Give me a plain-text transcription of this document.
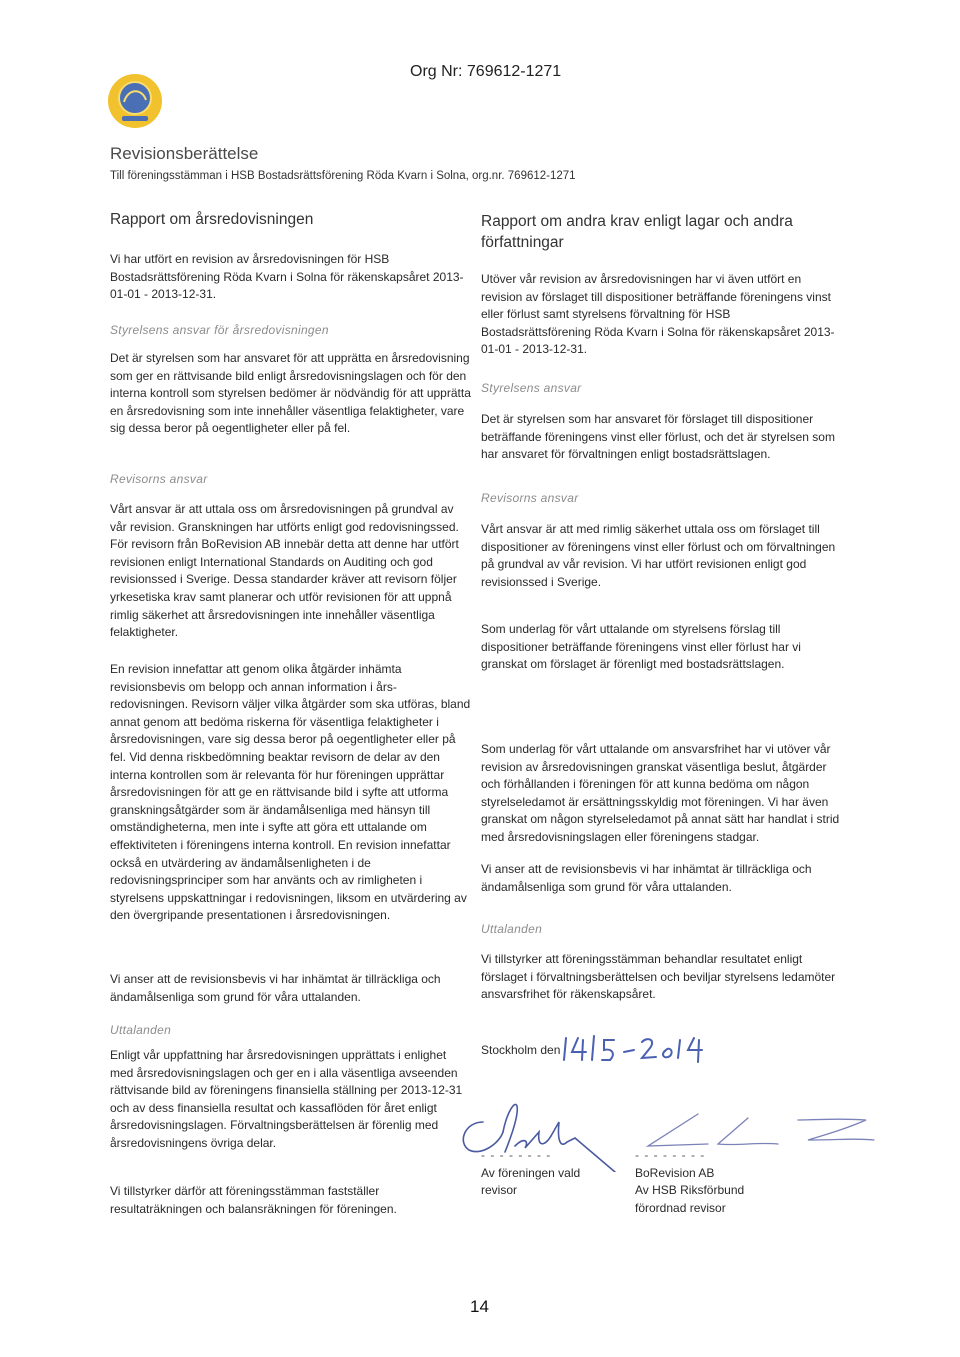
Org Nr: 769612-1271
Revisionsberättelse
Till föreningsstämman i HSB Bostadsrättsförening Röda Kvarn i Solna, org.nr. 769612-1271

Rapport om årsredovisningen

Vi har utfört en revision av årsredovisningen för HSB

Bostadsrättsförening Röda Kvarn i Solna för räkenskapsåret 2013-

01-01 - 2013-12-31.

Styrelsens ansvar för årsredovisningen

Det är styrelsen som har ansvaret för att upprätta en årsredovisning

som ger en rättvisande bild enligt årsredovisningslagen och för den

interna kontroll som styrelsen bedömer är nödvändig för att upprätta

en årsredovisning som inte innehåller väsentliga felaktigheter, vare

sig dessa beror på oegentligheter eller på fel.

Revisorns ansvar

Vårt ansvar är att uttala oss om årsredovisningen på grundval av

vår revision. Granskningen har utförts enligt god redovisningssed.

För revisorn från BoRevision AB innebär detta att denne har utfört

revisionen enligt International Standards on Auditing och god

revisionssed i Sverige. Dessa standarder kräver att revisorn följer

yrkesetiska krav samt planerar och utför revisionen för att uppnå

rimlig säkerhet att årsredovisningen inte innehåller väsentliga

felaktigheter.

En revision innefattar att genom olika åtgärder inhämta

revisionsbevis om belopp och annan information i års-

redovisningen. Revisorn väljer vilka åtgärder som ska utföras, bland

annat genom att bedöma riskerna för väsentliga felaktigheter i

årsredovisningen, vare sig dessa beror på oegentligheter eller på

fel. Vid denna riskbedömning beaktar revisorn de delar av den

interna kontrollen som är relevanta för hur föreningen upprättar

årsredovisningen för att ge en rättvisande bild i syfte att utforma

granskningsåtgärder som är ändamålsenliga med hänsyn till

omständigheterna, men inte i syfte att göra ett uttalande om

effektiviteten i föreningens interna kontroll. En revision innefattar

också en utvärdering av ändamålsenligheten i de

redovisningsprinciper som har använts och av rimligheten i

styrelsens uppskattningar i redovisningen, liksom en utvärdering av

den övergripande presentationen i årsredovisningen.

Vi anser att de revisionsbevis vi har inhämtat är tillräckliga och

ändamålsenliga som grund för våra uttalanden.

Uttalanden

Enligt vår uppfattning har årsredovisningen upprättats i enlighet

med årsredovisningslagen och ger en i alla väsentliga avseenden

rättvisande bild av föreningens finansiella ställning per 2013-12-31

och av dess finansiella resultat och kassaflöden för året enligt

årsredovisningslagen. Förvaltningsberättelsen är förenlig med

årsredovisningens övriga delar.

Vi tillstyrker därför att föreningsstämman fastställer

resultaträkningen och balansräkningen för föreningen.

Rapport om andra krav enligt lagar och andra

författningar

Utöver vår revision av årsredovisningen har vi även utfört en

revision av förslaget till dispositioner beträffande föreningens vinst

eller förlust samt styrelsens förvaltning för HSB

Bostadsrättsförening Röda Kvarn i Solna för räkenskapsåret 2013-

01-01 - 2013-12-31.

Styrelsens ansvar

Det är styrelsen som har ansvaret för förslaget till dispositioner

beträffande föreningens vinst eller förlust, och det är styrelsen som

har ansvaret för förvaltningen enligt bostadsrättslagen.

Revisorns ansvar

Vårt ansvar är att med rimlig säkerhet uttala oss om förslaget till

dispositioner av föreningens vinst eller förlust och om förvaltningen

på grundval av vår revision. Vi har utfört revisionen enligt god

revisionssed i Sverige.

Som underlag för vårt uttalande om styrelsens förslag till

dispositioner beträffande föreningens vinst eller förlust har vi

granskat om förslaget är förenligt med bostadsrättslagen.

Som underlag för vårt uttalande om ansvarsfrihet har vi utöver vår

revision av årsredovisningen granskat väsentliga beslut, åtgärder

och förhållanden i föreningen för att kunna bedöma om någon

styrelseledamot är ersättningsskyldig mot föreningen. Vi har även

granskat om någon styrelseledamot på annat sätt har handlat i strid

med årsredovisningslagen eller föreningens stadgar.

Vi anser att de revisionsbevis vi har inhämtat är tillräckliga och

ändamålsenliga som grund för våra uttalanden.

Uttalanden

Vi tillstyrker att föreningsstämman behandlar resultatet enligt

förslaget i förvaltningsberättelsen och beviljar styrelsens ledamöter

ansvarsfrihet för räkenskapsåret.

Stockholm den

- - - - - - - -

Av föreningen vald

revisor

- - - - - - - -

BoRevision AB

Av HSB Riksförbund

förordnad revisor

14
